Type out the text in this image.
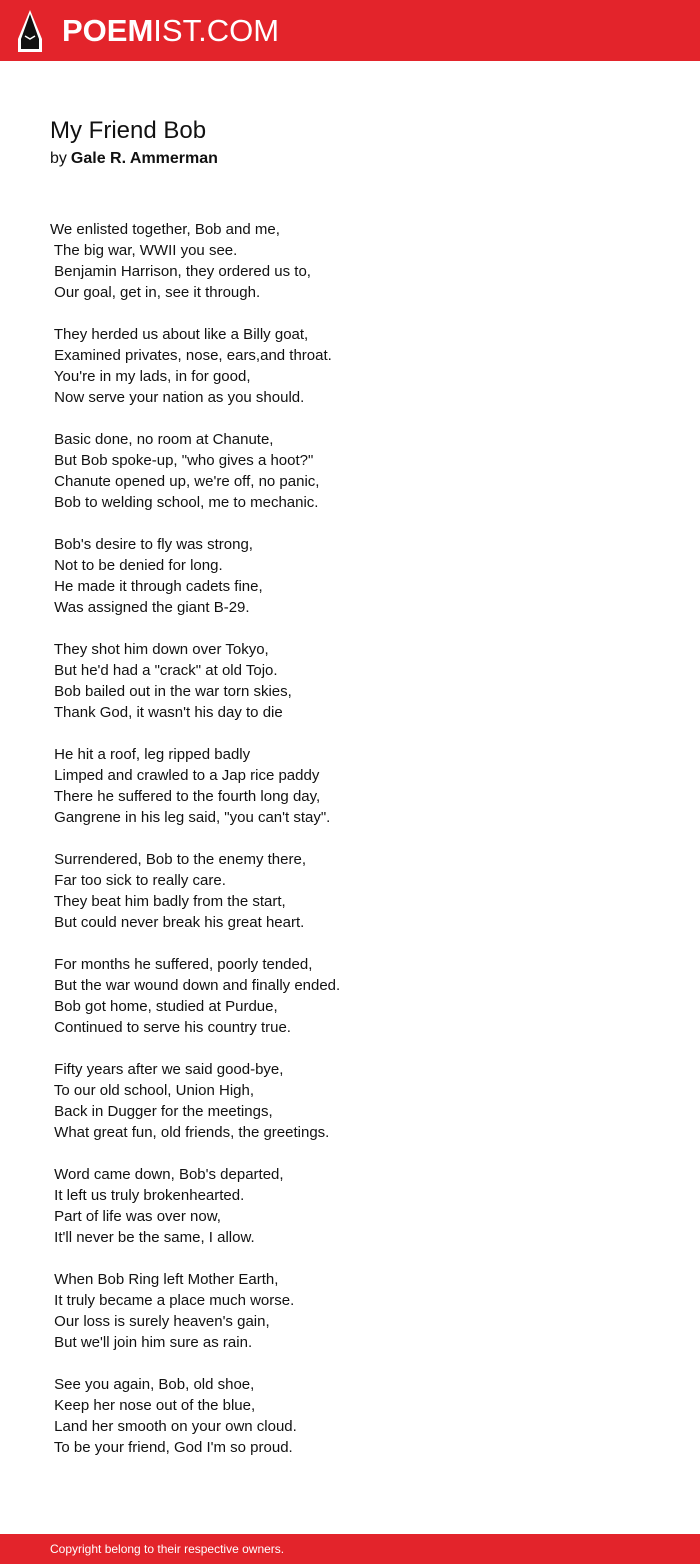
POEMIST.COM
My Friend Bob
by Gale R. Ammerman
We enlisted together, Bob and me,
The big war, WWII you see.
Benjamin Harrison, they ordered us to,
Our goal, get in, see it through.
They herded us about like a Billy goat,
Examined privates, nose, ears,and throat.
You're in my lads, in for good,
Now serve your nation as you should.
Basic done, no room at Chanute,
But Bob spoke-up, "who gives a hoot?"
Chanute opened up, we're off, no panic,
Bob to welding school, me to mechanic.
Bob's desire to fly was strong,
Not to be denied for long.
He made it through cadets fine,
Was assigned the giant B-29.
They shot him down over Tokyo,
But he'd had a "crack" at old Tojo.
Bob bailed out in the war torn skies,
Thank God, it wasn't his day to die
He hit a roof, leg ripped badly
Limped and crawled to a Jap rice paddy
There he suffered to the fourth long day,
Gangrene in his leg said, "you can't stay".
Surrendered, Bob to the enemy there,
Far too sick to really care.
They beat him badly from the start,
But could never break his great heart.
For months he suffered, poorly tended,
But the war wound down and finally ended.
Bob got home, studied at Purdue,
Continued to serve his country true.
Fifty years after we said good-bye,
To our old school, Union High,
Back in Dugger for the meetings,
What great fun, old friends, the greetings.
Word came down, Bob's departed,
It left us truly brokenhearted.
Part of life was over now,
It'll never be the same, I allow.
When Bob Ring left Mother Earth,
It truly became a place much worse.
Our loss is surely heaven's gain,
But we'll join him sure as rain.
See you again, Bob, old shoe,
Keep her nose out of the blue,
Land her smooth on your own cloud.
To be your friend, God I'm so proud.
Copyright belong to their respective owners.
